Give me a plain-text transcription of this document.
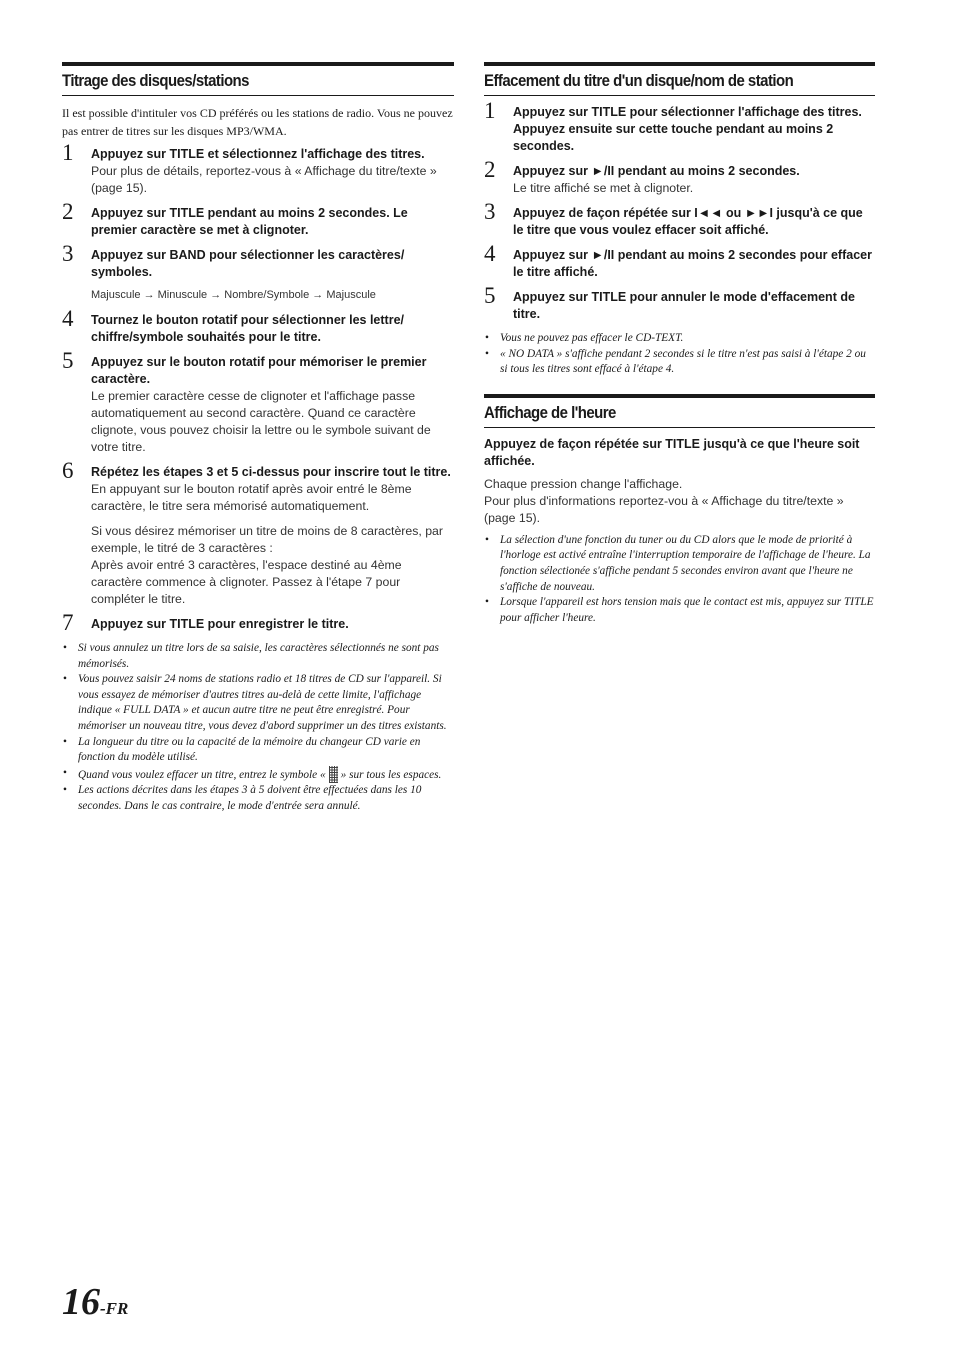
Titrage des disques/stations

Il est possible d'intituler vos CD préférés ou les stations de radio. Vous ne pouvez pas entrer de titres sur les disques MP3/WMA.

1 Appuyez sur TITLE et sélectionnez l'affichage des titres.
Pour plus de détails, reportez-vous à « Affichage du titre/texte » (page 15).
2 Appuyez sur TITLE pendant au moins 2 secondes. Le premier caractère se met à clignoter.
3 Appuyez sur BAND pour sélectionner les caractères/ symboles.
Majuscule → Minuscule → Nombre/Symbole → Majuscule
4 Tournez le bouton rotatif pour sélectionner les lettre/ chiffre/symbole souhaités pour le titre.
5 Appuyez sur le bouton rotatif pour mémoriser le premier caractère.
Le premier caractère cesse de clignoter et l'affichage passe automatiquement au second caractère. Quand ce caractère clignote, vous pouvez choisir la lettre ou le symbole suivant de votre titre.
6 Répétez les étapes 3 et 5 ci-dessus pour inscrire tout le titre.
En appuyant sur le bouton rotatif après avoir entré le 8ème caractère, le titre sera mémorisé automatiquement.
Si vous désirez mémoriser un titre de moins de 8 caractères, par exemple, le titré de 3 caractères :
Après avoir entré 3 caractères, l'espace destiné au 4ème caractère commence à clignoter. Passez à l'étape 7 pour compléter le titre.
7 Appuyez sur TITLE pour enregistrer le titre.
• Si vous annulez un titre lors de sa saisie, les caractères sélectionnés ne sont pas mémorisés.
• Vous pouvez saisir 24 noms de stations radio et 18 titres de CD sur l'appareil. Si vous essayez de mémoriser d'autres titres au-delà de cette limite, l'affichage indique « FULL DATA » et aucun autre titre ne peut être enregistré. Pour mémoriser un nouveau titre, vous devez d'abord supprimer un des titres existants.
• La longueur du titre ou la capacité de la mémoire du changeur CD varie en fonction du modèle utilisé.
• Quand vous voulez effacer un titre, entrez le symbole « » sur tous les espaces.
• Les actions décrites dans les étapes 3 à 5 doivent être effectuées dans les 10 secondes. Dans le cas contraire, le mode d'entrée sera annulé.
Effacement du titre d'un disque/nom de station
1 Appuyez sur TITLE pour sélectionner l'affichage des titres. Appuyez ensuite sur cette touche pendant au moins 2 secondes.
2 Appuyez sur ►/II pendant au moins 2 secondes.
Le titre affiché se met à clignoter.
3 Appuyez de façon répétée sur I◄◄ ou ►►I jusqu'à ce que le titre que vous voulez effacer soit affiché.
4 Appuyez sur ►/II pendant au moins 2 secondes pour effacer le titre affiché.
5 Appuyez sur TITLE pour annuler le mode d'effacement de titre.
• Vous ne pouvez pas effacer le CD-TEXT.
• « NO DATA » s'affiche pendant 2 secondes si le titre n'est pas saisi à l'étape 2 ou si tous les titres sont effacé à l'étape 4.
Affichage de l'heure

Appuyez de façon répétée sur TITLE jusqu'à ce que l'heure soit affichée.

Chaque pression change l'affichage.

Pour plus d'informations reportez-vou à « Affichage du titre/texte » (page 15).

• La sélection d'une fonction du tuner ou du CD alors que le mode de priorité à l'horloge est activé entraîne l'interruption temporaire de l'affichage de l'heure. La fonction sélectionée s'affiche pendant 5 secondes environ avant que l'heure ne s'affiche de nouveau.
• Lorsque l'appareil est hors tension mais que le contact est mis, appuyez sur TITLE pour afficher l'heure.
16-FR
